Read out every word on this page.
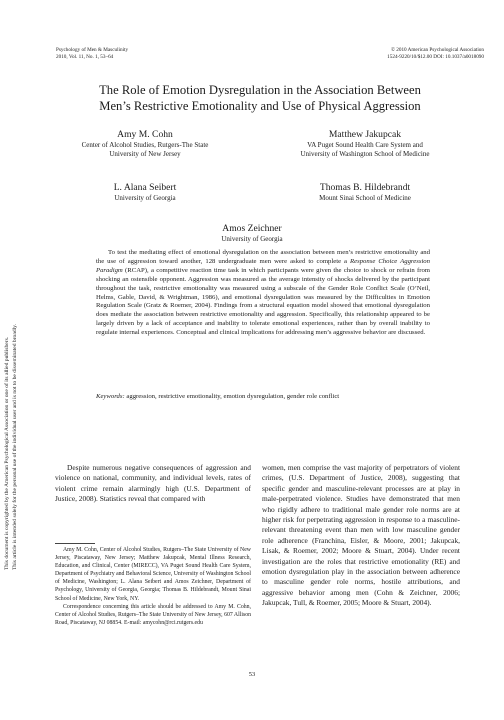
Psychology of Men & Masculinity
2010, Vol. 11, No. 1, 53–64
© 2010 American Psychological Association
1524-9220/10/$12.00 DOI: 10.1037/a0018090
The Role of Emotion Dysregulation in the Association Between
Men’s Restrictive Emotionality and Use of Physical Aggression
Amy M. Cohn
Center of Alcohol Studies, Rutgers-The State
University of New Jersey
Matthew Jakupcak
VA Puget Sound Health Care System and
University of Washington School of Medicine
L. Alana Seibert
University of Georgia
Thomas B. Hildebrandt
Mount Sinai School of Medicine
Amos Zeichner
University of Georgia

To test the mediating effect of emotional dysregulation on the association between men’s restrictive emotionality and the use of aggression toward another, 128 undergraduate men were asked to complete a Response Choice Aggression Paradigm (RCAP), a competitive reaction time task in which participants were given the choice to shock or refrain from shocking an ostensible opponent. Aggression was measured as the average intensity of shocks delivered by the participant throughout the task, restrictive emotionality was measured using a subscale of the Gender Role Conflict Scale (O’Neil, Helms, Gable, David, & Wrightman, 1986), and emotional dysregulation was measured by the Difficulties in Emotion Regulation Scale (Gratz & Roemer, 2004). Findings from a structural equation model showed that emotional dysregulation does mediate the association between restrictive emotionality and aggression. Specifically, this relationship appeared to be largely driven by a lack of acceptance and inability to tolerate emotional experiences, rather than by overall inability to regulate internal experiences. Conceptual and clinical implications for addressing men’s aggressive behavior are discussed.

Keywords: aggression, restrictive emotionality, emotion dysregulation, gender role conflict
This document is copyrighted by the American Psychological Association or one of its allied publishers. This article is intended solely for the personal use of the individual user and is not to be disseminated broadly.	Despite numerous negative consequences of aggression and violence on national, community, and individual levels, rates of violent crime remain alarmingly high (U.S. Department of Justice, 2008). Statistics reveal that compared with

Amy M. Cohn, Center of Alcohol Studies, Rutgers–The State University of New Jersey, Piscataway, New Jersey; Matthew Jakupcak, Mental Illness Research, Education, and Clinical, Center (MIRECC), VA Puget Sound Health Care System, Department of Psychiatry and Behavioral Science, University of Washington School of Medicine, Washington; L. Alana Seibert and Amos Zeichner, Department of Psychology, University of Georgia, Georgia; Thomas B. Hildebrandt, Mount Sinai School of Medicine, New York, NY.

Correspondence concerning this article should be addressed to Amy M. Cohn, Center of Alcohol Studies, Rutgers–The State University of New Jersey, 607 Allison Road, Piscataway, NJ 08854. E-mail: amycohn@rci.rutgers.edu

women, men comprise the vast majority of perpetrators of violent crimes, (U.S. Department of Justice, 2008), suggesting that specific gender and masculine-relevant processes are at play in male-perpetrated violence. Studies have demonstrated that men who rigidly adhere to traditional male gender role norms are at higher risk for perpetrating aggression in response to a masculine-relevant threatening event than men with low masculine gender role adherence (Franchina, Eisler, & Moore, 2001; Jakupcak, Lisak, & Roemer, 2002; Moore & Stuart, 2004). Under recent investigation are the roles that restrictive emotionality (RE) and emotion dysregulation play in the association between adherence to masculine gender role norms, hostile attributions, and aggressive behavior among men (Cohn & Zeichner, 2006; Jakupcak, Tull, & Roemer, 2005; Moore & Stuart, 2004).

53
